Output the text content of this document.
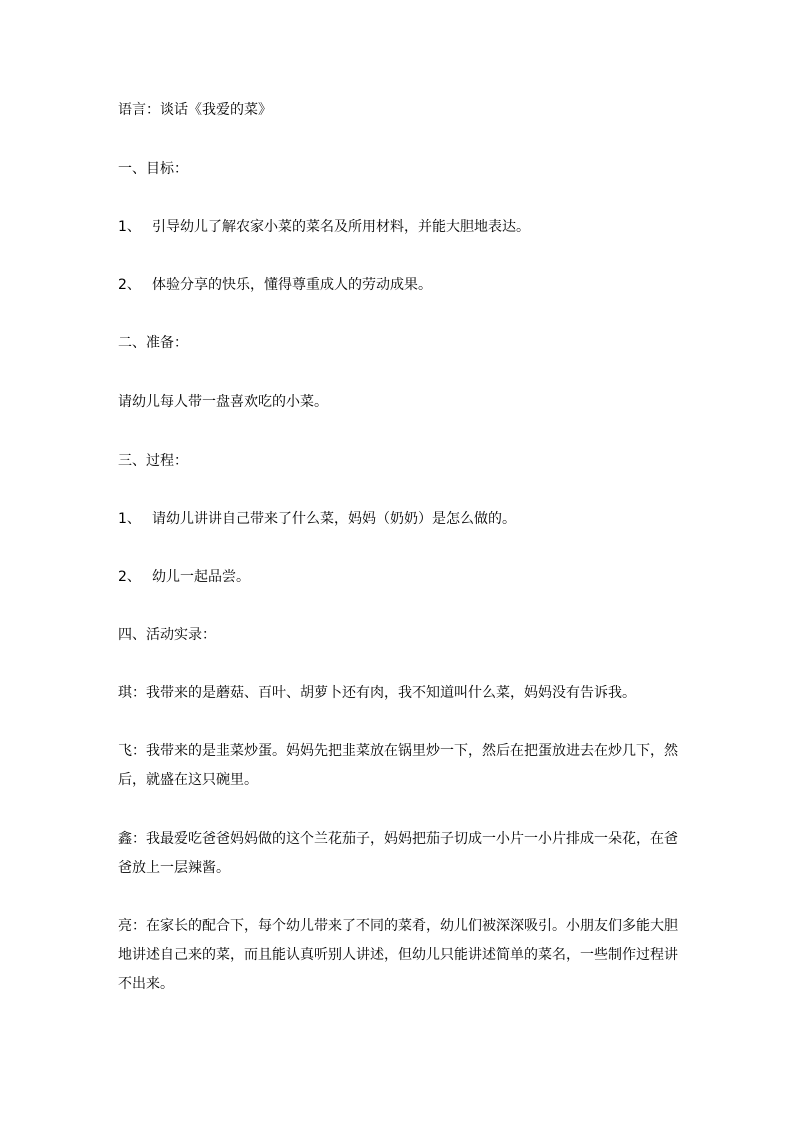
语言：谈话《我爱的菜》
一、目标：
1、 引导幼儿了解农家小菜的菜名及所用材料，并能大胆地表达。
2、 体验分享的快乐，懂得尊重成人的劳动成果。
二、准备：
请幼儿每人带一盘喜欢吃的小菜。
三、过程：
1、 请幼儿讲讲自己带来了什么菜，妈妈（奶奶）是怎么做的。
2、 幼儿一起品尝。
四、活动实录：
琪：我带来的是蘑菇、百叶、胡萝卜还有肉，我不知道叫什么菜，妈妈没有告诉我。
飞：我带来的是韭菜炒蛋。妈妈先把韭菜放在锅里炒一下，然后在把蛋放进去在炒几下，然
后，就盛在这只碗里。
鑫：我最爱吃爸爸妈妈做的这个兰花茄子，妈妈把茄子切成一小片一小片排成一朵花，在爸
爸放上一层辣酱。
亮：在家长的配合下，每个幼儿带来了不同的菜肴，幼儿们被深深吸引。小朋友们多能大胆
地讲述自己来的菜，而且能认真听别人讲述，但幼儿只能讲述简单的菜名，一些制作过程讲
不出来。
